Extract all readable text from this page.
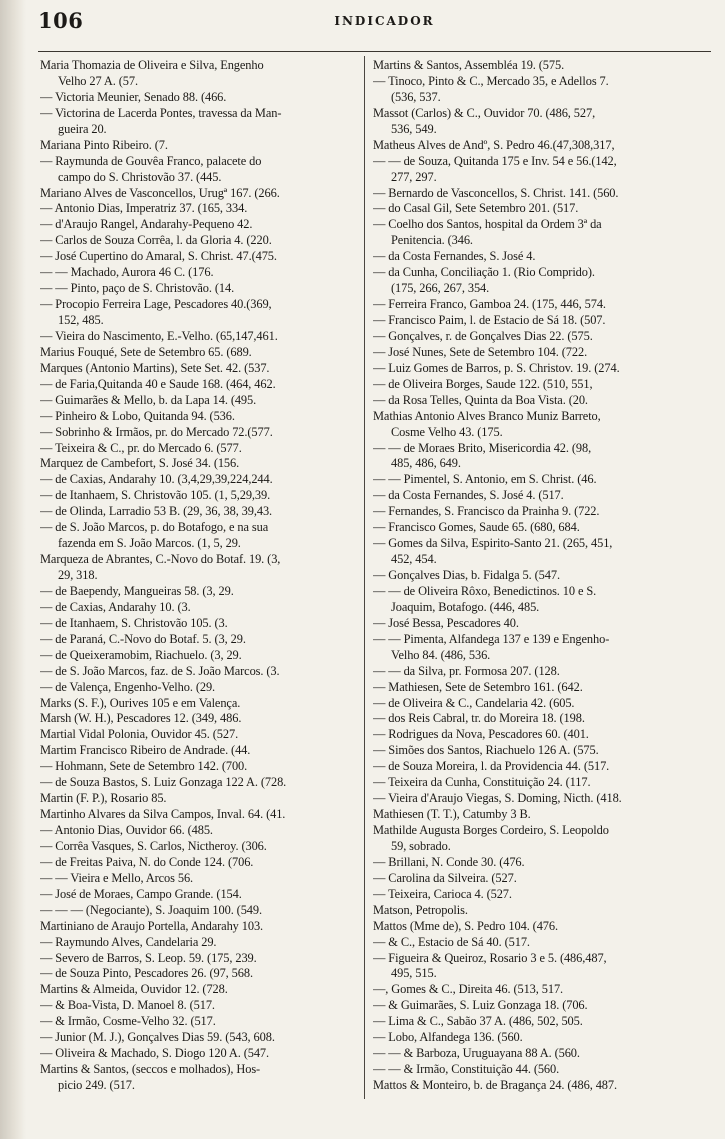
106	INDICADOR
Maria Thomazia de Oliveira e Silva, Engenho
Velho 27 A. (57.
— Victoria Meunier, Senado 88. (466.
— Victorina de Lacerda Pontes, travessa da Man-
gueira 20.
Mariana Pinto Ribeiro. (7.
— Raymunda de Gouvêa Franco, palacete do
campo do S. Christovão 37. (445.
Mariano Alves de Vasconcellos, Urugª 167. (266.
— Antonio Dias, Imperatriz 37. (165, 334.
— d'Araujo Rangel, Andarahy-Pequeno 42.
— Carlos de Souza Corrêa, l. da Gloria 4. (220.
— José Cupertino do Amaral, S. Christ. 47.(475.
— — Machado, Aurora 46 C. (176.
— — Pinto, paço de S. Christovão. (14.
— Procopio Ferreira Lage, Pescadores 40.(369,
152, 485.
— Vieira do Nascimento, E.-Velho. (65,147,461.
Marius Fouqué, Sete de Setembro 65. (689.
Marques (Antonio Martins), Sete Set. 42. (537.
— de Faria,Quitanda 40 e Saude 168. (464, 462.
— Guimarães & Mello, b. da Lapa 14. (495.
— Pinheiro & Lobo, Quitanda 94. (536.
— Sobrinho & Irmãos, pr. do Mercado 72.(577.
— Teixeira & C., pr. do Mercado 6. (577.
Marquez de Cambefort, S. José 34. (156.
— de Caxias, Andarahy 10. (3,4,29,39,224,244.
— de Itanhaem, S. Christovão 105. (1, 5,29,39.
— de Olinda, Larradio 53 B. (29, 36, 38, 39,43.
— de S. João Marcos, p. do Botafogo, e na sua
fazenda em S. João Marcos. (1, 5, 29.
Marqueza de Abrantes, C.-Novo do Botaf. 19. (3,
29, 318.
— de Baependy, Mangueiras 58. (3, 29.
— de Caxias, Andarahy 10. (3.
— de Itanhaem, S. Christovão 105. (3.
— de Paraná, C.-Novo do Botaf. 5. (3, 29.
— de Queixeramobim, Riachuelo. (3, 29.
— de S. João Marcos, faz. de S. João Marcos. (3.
— de Valença, Engenho-Velho. (29.
Marks (S. F.), Ourives 105 e em Valença.
Marsh (W. H.), Pescadores 12. (349, 486.
Martial Vidal Polonia, Ouvidor 45. (527.
Martim Francisco Ribeiro de Andrade. (44.
— Hohmann, Sete de Setembro 142. (700.
— de Souza Bastos, S. Luiz Gonzaga 122 A. (728.
Martin (F. P.), Rosario 85.
Martinho Alvares da Silva Campos, Inval. 64. (41.
— Antonio Dias, Ouvidor 66. (485.
— Corrêa Vasques, S. Carlos, Nictheroy. (306.
— de Freitas Paiva, N. do Conde 124. (706.
— — Vieira e Mello, Arcos 56.
— José de Moraes, Campo Grande. (154.
— — — (Negociante), S. Joaquim 100. (549.
Martiniano de Araujo Portella, Andarahy 103.
— Raymundo Alves, Candelaria 29.
— Severo de Barros, S. Leop. 59. (175, 239.
— de Souza Pinto, Pescadores 26. (97, 568.
Martins & Almeida, Ouvidor 12. (728.
— & Boa-Vista, D. Manoel 8. (517.
— & Irmão, Cosme-Velho 32. (517.
— Junior (M. J.), Gonçalves Dias 59. (543, 608.
— Oliveira & Machado, S. Diogo 120 A. (547.
Martins & Santos, (seccos e molhados), Hos-
picio 249. (517.
Martins & Santos, Assembléa 19. (575.
— Tinoco, Pinto & C., Mercado 35, e Adellos 7.
(536, 537.
Massot (Carlos) & C., Ouvidor 70. (486, 527,
536, 549.
Matheus Alves de Andº, S. Pedro 46.(47,308,317,
— — de Souza, Quitanda 175 e Inv. 54 e 56.(142,
277, 297.
— Bernardo de Vasconcellos, S. Christ. 141. (560.
— do Casal Gil, Sete Setembro 201. (517.
— Coelho dos Santos, hospital da Ordem 3ª da
Penitencia. (346.
— da Costa Fernandes, S. José 4.
— da Cunha, Conciliação 1. (Rio Comprido).
(175, 266, 267, 354.
— Ferreira Franco, Gamboa 24. (175, 446, 574.
— Francisco Paim, l. de Estacio de Sá 18. (507.
— Gonçalves, r. de Gonçalves Dias 22. (575.
— José Nunes, Sete de Setembro 104. (722.
— Luiz Gomes de Barros, p. S. Christov. 19. (274.
— de Oliveira Borges, Saude 122. (510, 551,
— da Rosa Telles, Quinta da Boa Vista. (20.
Mathias Antonio Alves Branco Muniz Barreto,
Cosme Velho 43. (175.
— — de Moraes Brito, Misericordia 42. (98,
485, 486, 649.
— — Pimentel, S. Antonio, em S. Christ. (46.
— da Costa Fernandes, S. José 4. (517.
— Fernandes, S. Francisco da Prainha 9. (722.
— Francisco Gomes, Saude 65. (680, 684.
— Gomes da Silva, Espirito-Santo 21. (265, 451,
452, 454.
— Gonçalves Dias, b. Fidalga 5. (547.
— — de Oliveira Rôxo, Benedictinos. 10 e S.
Joaquim, Botafogo. (446, 485.
— José Bessa, Pescadores 40.
— — Pimenta, Alfandega 137 e 139 e Engenho-
Velho 84. (486, 536.
— — da Silva, pr. Formosa 207. (128.
— Mathiesen, Sete de Setembro 161. (642.
— de Oliveira & C., Candelaria 42. (605.
— dos Reis Cabral, tr. do Moreira 18. (198.
— Rodrigues da Nova, Pescadores 60. (401.
— Simões dos Santos, Riachuelo 126 A. (575.
— de Souza Moreira, l. da Providencia 44. (517.
— Teixeira da Cunha, Constituição 24. (117.
— Vieira d'Araujo Viegas, S. Doming, Nicth. (418.
Mathiesen (T. T.), Catumby 3 B.
Mathilde Augusta Borges Cordeiro, S. Leopoldo
59, sobrado.
— Brillani, N. Conde 30. (476.
— Carolina da Silveira. (527.
— Teixeira, Carioca 4. (527.
Matson, Petropolis.
Mattos (Mme de), S. Pedro 104. (476.
— & C., Estacio de Sá 40. (517.
— Figueira & Queiroz, Rosario 3 e 5. (486,487,
495, 515.
—, Gomes & C., Direita 46. (513, 517.
— & Guimarães, S. Luiz Gonzaga 18. (706.
— Lima & C., Sabão 37 A. (486, 502, 505.
— Lobo, Alfandega 136. (560.
— — & Barboza, Uruguayana 88 A. (560.
— — & Irmão, Constituição 44. (560.
Mattos & Monteiro, b. de Bragança 24. (486, 487.
